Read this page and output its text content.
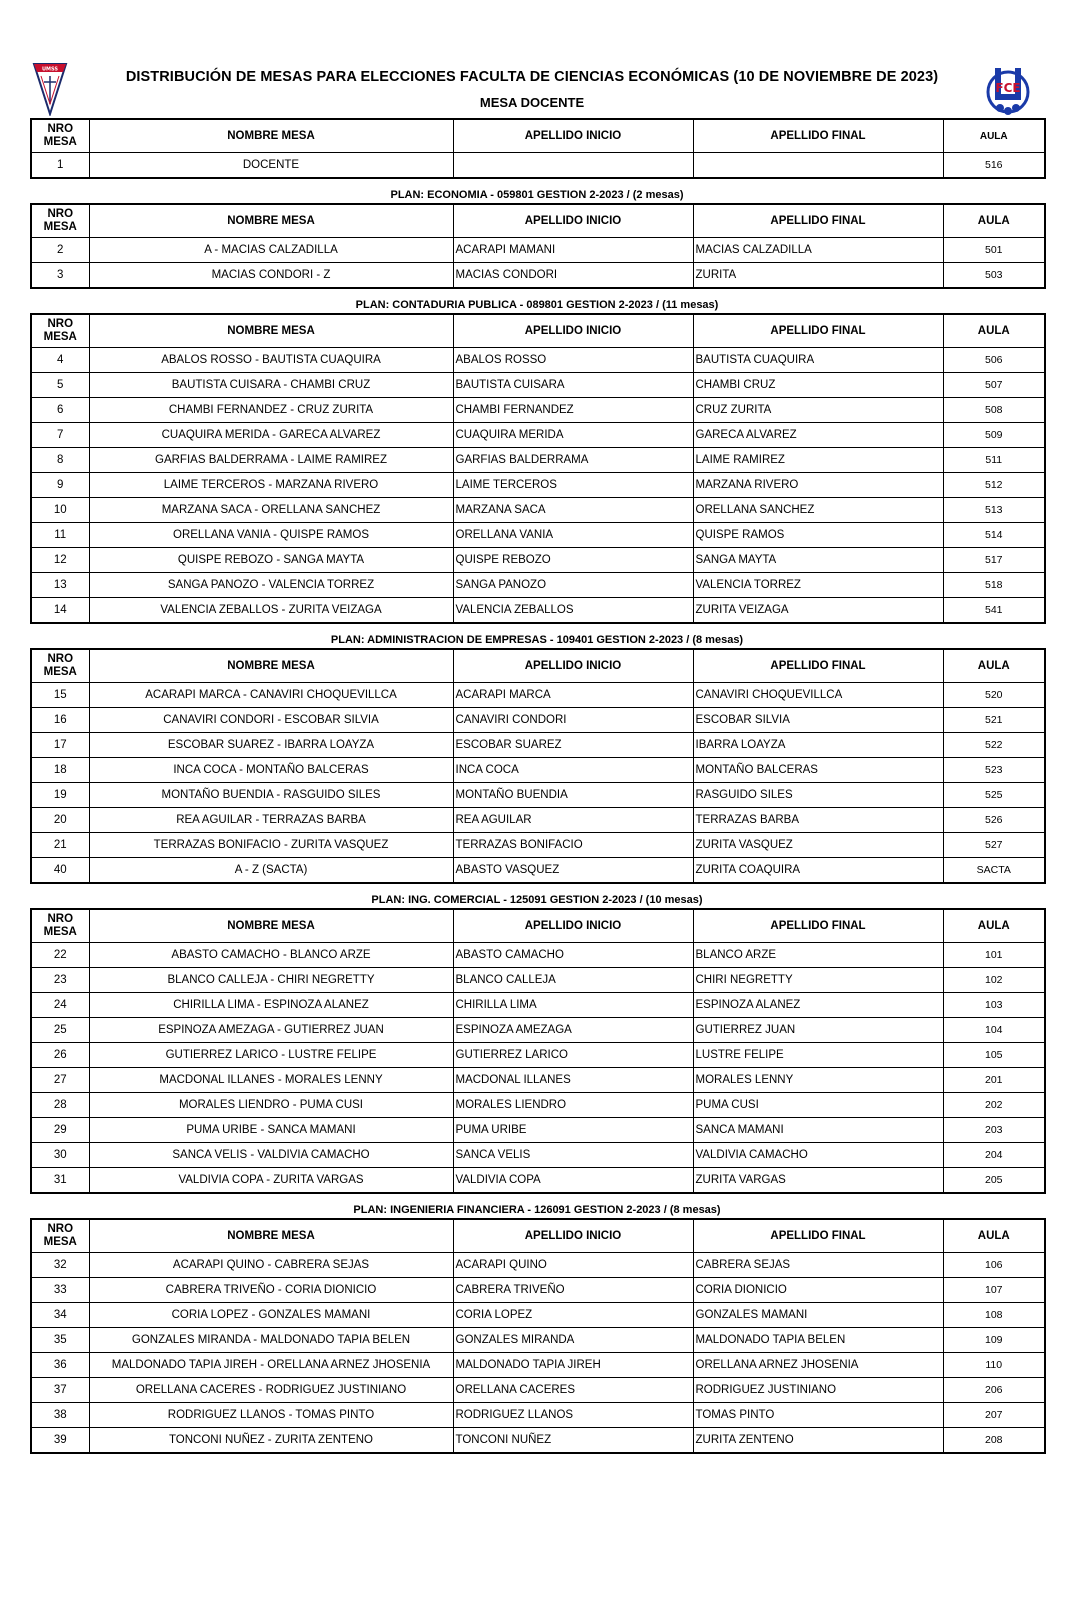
UMSS	DISTRIBUCIÓN DE MESAS PARA ELECCIONES FACULTA DE CIENCIAS ECONÓMICAS (10 DE NOVIEMBRE DE 2023)
MESA DOCENTE
FCE
NRO MESA	NOMBRE MESA	APELLIDO INICIO	APELLIDO FINAL	AULA
1	DOCENTE			516
PLAN: ECONOMIA - 059801 GESTION 2-2023 / (2 mesas)
NRO MESA	NOMBRE MESA	APELLIDO INICIO	APELLIDO FINAL	AULA
2	A - MACIAS CALZADILLA	ACARAPI MAMANI	MACIAS CALZADILLA	501
3	MACIAS CONDORI - Z	MACIAS CONDORI	ZURITA	503
PLAN: CONTADURIA PUBLICA - 089801 GESTION 2-2023 / (11 mesas)
NRO MESA	NOMBRE MESA	APELLIDO INICIO	APELLIDO FINAL	AULA
4	ABALOS ROSSO - BAUTISTA CUAQUIRA	ABALOS ROSSO	BAUTISTA CUAQUIRA	506
5	BAUTISTA CUISARA - CHAMBI CRUZ	BAUTISTA CUISARA	CHAMBI CRUZ	507
6	CHAMBI FERNANDEZ - CRUZ ZURITA	CHAMBI FERNANDEZ	CRUZ ZURITA	508
7	CUAQUIRA MERIDA - GARECA ALVAREZ	CUAQUIRA MERIDA	GARECA ALVAREZ	509
8	GARFIAS BALDERRAMA - LAIME RAMIREZ	GARFIAS BALDERRAMA	LAIME RAMIREZ	511
9	LAIME TERCEROS - MARZANA RIVERO	LAIME TERCEROS	MARZANA RIVERO	512
10	MARZANA SACA - ORELLANA SANCHEZ	MARZANA SACA	ORELLANA SANCHEZ	513
11	ORELLANA VANIA - QUISPE RAMOS	ORELLANA VANIA	QUISPE RAMOS	514
12	QUISPE REBOZO - SANGA MAYTA	QUISPE REBOZO	SANGA MAYTA	517
13	SANGA PANOZO - VALENCIA TORREZ	SANGA PANOZO	VALENCIA TORREZ	518
14	VALENCIA ZEBALLOS - ZURITA VEIZAGA	VALENCIA ZEBALLOS	ZURITA VEIZAGA	541
PLAN: ADMINISTRACION DE EMPRESAS - 109401 GESTION 2-2023 / (8 mesas)
NRO MESA	NOMBRE MESA	APELLIDO INICIO	APELLIDO FINAL	AULA
15	ACARAPI MARCA - CANAVIRI CHOQUEVILLCA	ACARAPI MARCA	CANAVIRI CHOQUEVILLCA	520
16	CANAVIRI CONDORI - ESCOBAR SILVIA	CANAVIRI CONDORI	ESCOBAR SILVIA	521
17	ESCOBAR SUAREZ - IBARRA LOAYZA	ESCOBAR SUAREZ	IBARRA LOAYZA	522
18	INCA COCA - MONTAÑO BALCERAS	INCA COCA	MONTAÑO BALCERAS	523
19	MONTAÑO BUENDIA - RASGUIDO SILES	MONTAÑO BUENDIA	RASGUIDO SILES	525
20	REA AGUILAR - TERRAZAS BARBA	REA AGUILAR	TERRAZAS BARBA	526
21	TERRAZAS BONIFACIO - ZURITA VASQUEZ	TERRAZAS BONIFACIO	ZURITA VASQUEZ	527
40	A - Z (SACTA)	ABASTO VASQUEZ	ZURITA COAQUIRA	SACTA
PLAN: ING. COMERCIAL - 125091 GESTION 2-2023 / (10 mesas)
NRO MESA	NOMBRE MESA	APELLIDO INICIO	APELLIDO FINAL	AULA
22	ABASTO CAMACHO - BLANCO ARZE	ABASTO CAMACHO	BLANCO ARZE	101
23	BLANCO CALLEJA - CHIRI NEGRETTY	BLANCO CALLEJA	CHIRI NEGRETTY	102
24	CHIRILLA LIMA - ESPINOZA ALANEZ	CHIRILLA LIMA	ESPINOZA ALANEZ	103
25	ESPINOZA AMEZAGA - GUTIERREZ JUAN	ESPINOZA AMEZAGA	GUTIERREZ JUAN	104
26	GUTIERREZ LARICO - LUSTRE FELIPE	GUTIERREZ LARICO	LUSTRE FELIPE	105
27	MACDONAL ILLANES - MORALES LENNY	MACDONAL ILLANES	MORALES LENNY	201
28	MORALES LIENDRO - PUMA CUSI	MORALES LIENDRO	PUMA CUSI	202
29	PUMA URIBE - SANCA MAMANI	PUMA URIBE	SANCA MAMANI	203
30	SANCA VELIS - VALDIVIA CAMACHO	SANCA VELIS	VALDIVIA CAMACHO	204
31	VALDIVIA COPA - ZURITA VARGAS	VALDIVIA COPA	ZURITA VARGAS	205
PLAN: INGENIERIA FINANCIERA - 126091 GESTION 2-2023 / (8 mesas)
NRO MESA	NOMBRE MESA	APELLIDO INICIO	APELLIDO FINAL	AULA
32	ACARAPI QUINO - CABRERA SEJAS	ACARAPI QUINO	CABRERA SEJAS	106
33	CABRERA TRIVEÑO - CORIA DIONICIO	CABRERA TRIVEÑO	CORIA DIONICIO	107
34	CORIA LOPEZ - GONZALES MAMANI	CORIA LOPEZ	GONZALES MAMANI	108
35	GONZALES MIRANDA - MALDONADO TAPIA BELEN	GONZALES MIRANDA	MALDONADO TAPIA BELEN	109
36	MALDONADO TAPIA JIREH - ORELLANA ARNEZ JHOSENIA	MALDONADO TAPIA JIREH	ORELLANA ARNEZ JHOSENIA	110
37	ORELLANA CACERES - RODRIGUEZ JUSTINIANO	ORELLANA CACERES	RODRIGUEZ JUSTINIANO	206
38	RODRIGUEZ LLANOS - TOMAS PINTO	RODRIGUEZ LLANOS	TOMAS PINTO	207
39	TONCONI NUÑEZ - ZURITA ZENTENO	TONCONI NUÑEZ	ZURITA ZENTENO	208
